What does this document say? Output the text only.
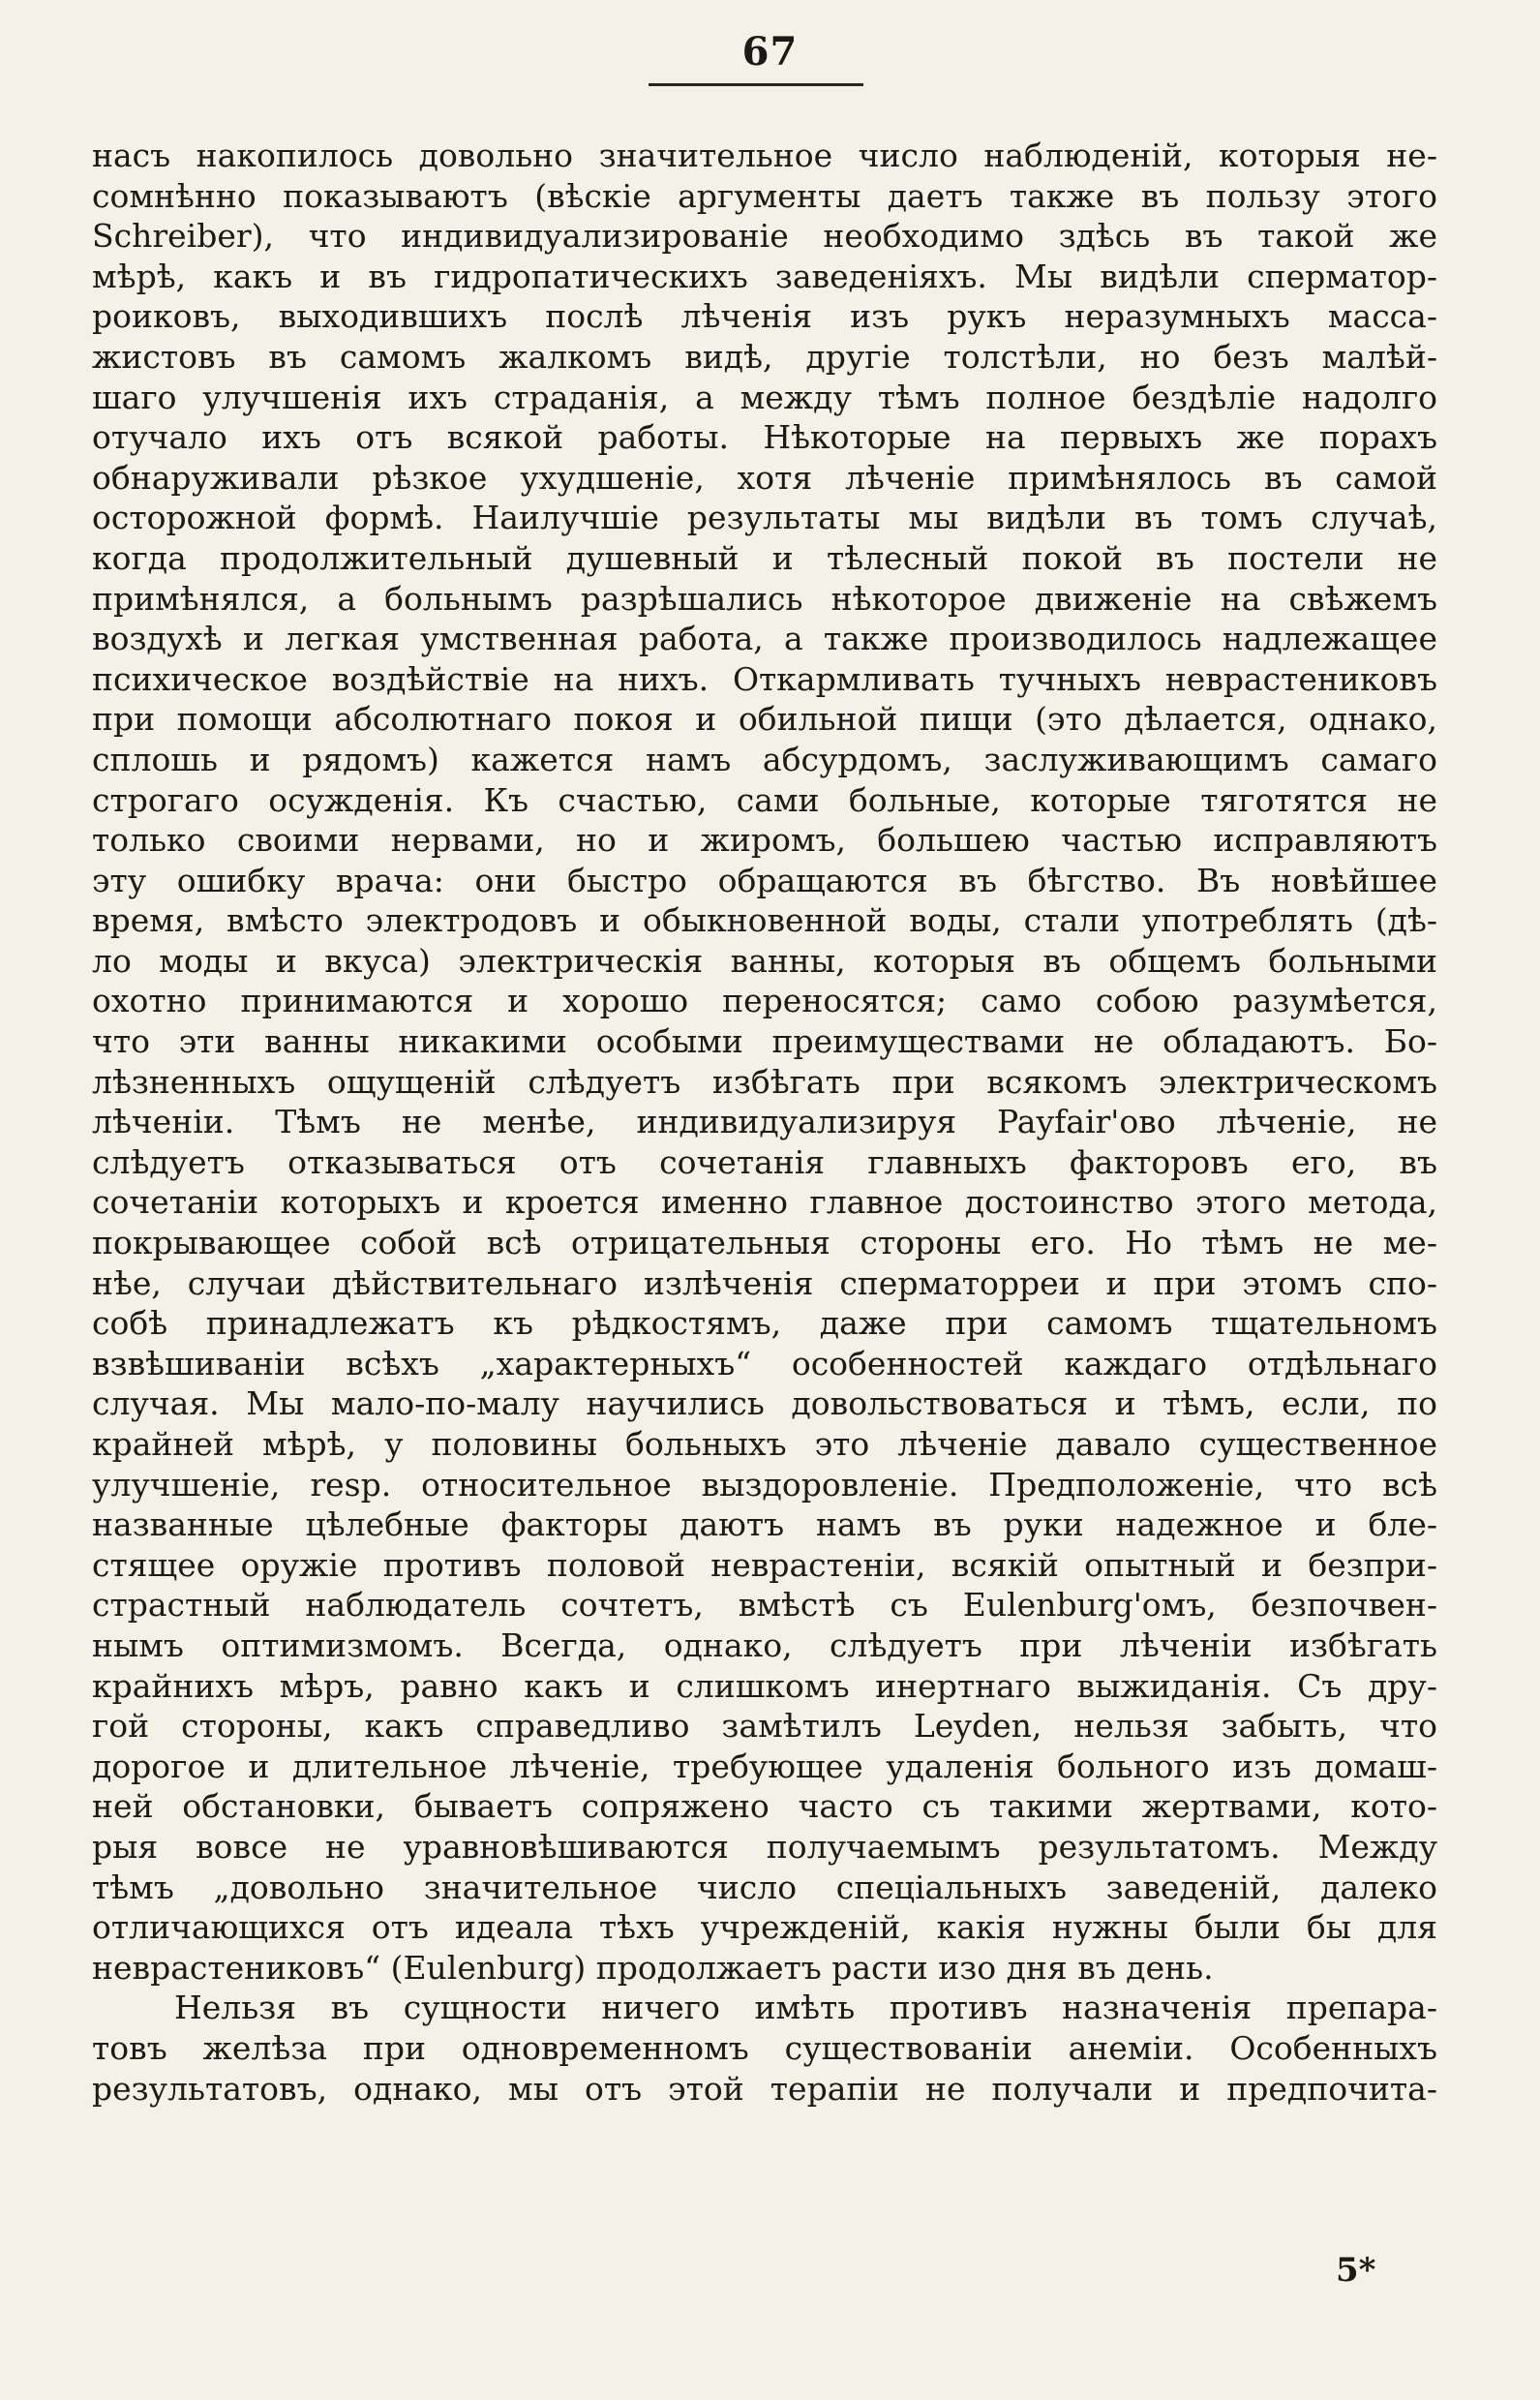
67
насъ накопилось довольно значительное число наблюденій, которыя не-
сомнѣнно показываютъ (вѣскіе аргументы даетъ также въ пользу этого
Schreiber), что индивидуализированіе необходимо здѣсь въ такой же
мѣрѣ, какъ и въ гидропатическихъ заведеніяхъ. Мы видѣли сперматор-
роиковъ, выходившихъ послѣ лѣченія изъ рукъ неразумныхъ масса-
жистовъ въ самомъ жалкомъ видѣ, другіе толстѣли, но безъ малѣй-
шаго улучшенія ихъ страданія, а между тѣмъ полное бездѣліе надолго
отучало ихъ отъ всякой работы. Нѣкоторые на первыхъ же порахъ
обнаруживали рѣзкое ухудшеніе, хотя лѣченіе примѣнялось въ самой
осторожной формѣ. Наилучшіе результаты мы видѣли въ томъ случаѣ,
когда продолжительный душевный и тѣлесный покой въ постели не
примѣнялся, а больнымъ разрѣшались нѣкоторое движеніе на свѣжемъ
воздухѣ и легкая умственная работа, а также производилось надлежащее
психическое воздѣйствіе на нихъ. Откармливать тучныхъ неврастениковъ
при помощи абсолютнаго покоя и обильной пищи (это дѣлается, однако,
сплошь и рядомъ) кажется намъ абсурдомъ, заслуживающимъ самаго
строгаго осужденія. Къ счастью, сами больные, которые тяготятся не
только своими нервами, но и жиромъ, большею частью исправляютъ
эту ошибку врача: они быстро обращаются въ бѣгство. Въ новѣйшее
время, вмѣсто электродовъ и обыкновенной воды, стали употреблять (дѣ-
ло моды и вкуса) электрическія ванны, которыя въ общемъ больными
охотно принимаются и хорошо переносятся; само собою разумѣется,
что эти ванны никакими особыми преимуществами не обладаютъ. Бо-
лѣзненныхъ ощущеній слѣдуетъ избѣгать при всякомъ электрическомъ
лѣченіи. Тѣмъ не менѣе, индивидуализируя Payfair'ово лѣченіе, не
слѣдуетъ отказываться отъ сочетанія главныхъ факторовъ его, въ
сочетаніи которыхъ и кроется именно главное достоинство этого метода,
покрывающее собой всѣ отрицательныя стороны его. Но тѣмъ не ме-
нѣе, случаи дѣйствительнаго излѣченія сперматорреи и при этомъ спо-
собѣ принадлежатъ къ рѣдкостямъ, даже при самомъ тщательномъ
взвѣшиваніи всѣхъ „характерныхъ“ особенностей каждаго отдѣльнаго
случая. Мы мало-по-малу научились довольствоваться и тѣмъ, если, по
крайней мѣрѣ, у половины больныхъ это лѣченіе давало существенное
улучшеніе, resp. относительное выздоровленіе. Предположеніе, что всѣ
названные цѣлебные факторы даютъ намъ въ руки надежное и бле-
стящее оружіе противъ половой неврастеніи, всякій опытный и безпри-
страстный наблюдатель сочтетъ, вмѣстѣ съ Eulenburg'омъ, безпочвен-
нымъ оптимизмомъ. Всегда, однако, слѣдуетъ при лѣченіи избѣгать
крайнихъ мѣръ, равно какъ и слишкомъ инертнаго выжиданія. Съ дру-
гой стороны, какъ справедливо замѣтилъ Leyden, нельзя забыть, что
дорогое и длительное лѣченіе, требующее удаленія больного изъ домаш-
ней обстановки, бываетъ сопряжено часто съ такими жертвами, кото-
рыя вовсе не уравновѣшиваются получаемымъ результатомъ. Между
тѣмъ „довольно значительное число спеціальныхъ заведеній, далеко
отличающихся отъ идеала тѣхъ учрежденій, какія нужны были бы для
неврастениковъ“ (Eulenburg) продолжаетъ расти изо дня въ день.
Нельзя въ сущности ничего имѣть противъ назначенія препара-
товъ желѣза при одновременномъ существованіи анеміи. Особенныхъ
результатовъ, однако, мы отъ этой терапіи не получали и предпочита-
5*
